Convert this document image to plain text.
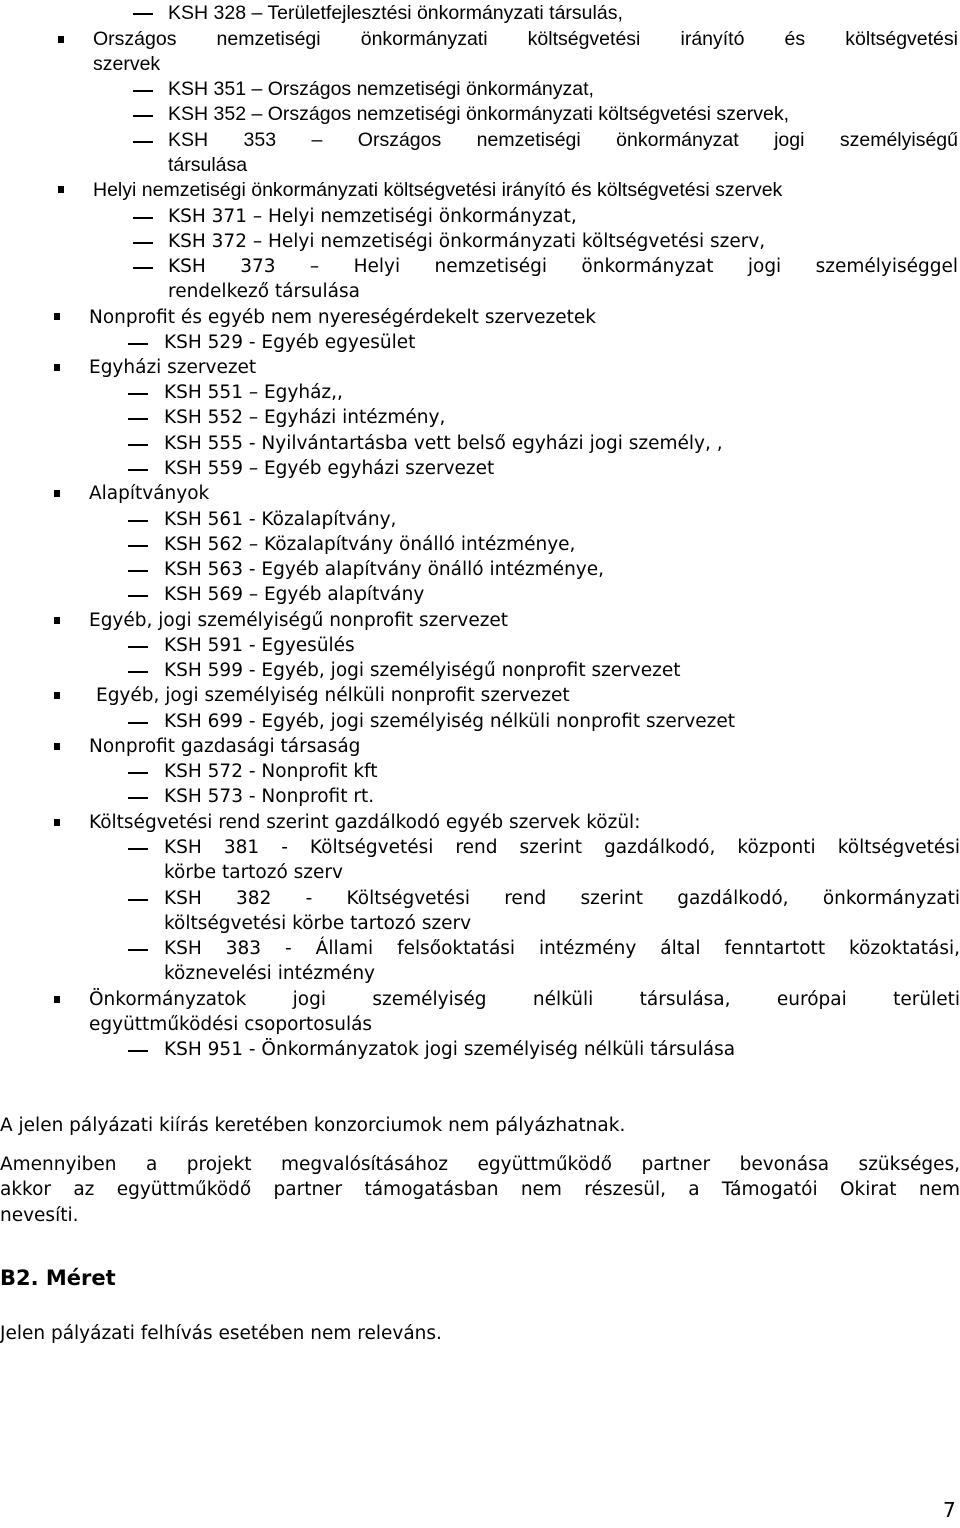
KSH 328 – Területfejlesztési önkormányzati társulás,
Országos nemzetiségi önkormányzati költségvetési irányító és költségvetési
szervek
KSH 351 – Országos nemzetiségi önkormányzat,
KSH 352 – Országos nemzetiségi önkormányzati költségvetési szervek,
KSH 353 – Országos nemzetiségi önkormányzat jogi személyiségű
társulása
Helyi nemzetiségi önkormányzati költségvetési irányító és költségvetési szervek
KSH 371 – Helyi nemzetiségi önkormányzat,
KSH 372 – Helyi nemzetiségi önkormányzati költségvetési szerv,
KSH 373 – Helyi nemzetiségi önkormányzat jogi személyiséggel
rendelkező társulása
Nonprofit és egyéb nem nyereségérdekelt szervezetek
KSH 529 - Egyéb egyesület
Egyházi szervezet
KSH 551 – Egyház,,
KSH 552 – Egyházi intézmény,
KSH 555 - Nyilvántartásba vett belső egyházi jogi személy, ,
KSH 559 – Egyéb egyházi szervezet
Alapítványok
KSH 561 - Közalapítvány,
KSH 562 – Közalapítvány önálló intézménye,
KSH 563 - Egyéb alapítvány önálló intézménye,
KSH 569 – Egyéb alapítvány
Egyéb, jogi személyiségű nonprofit szervezet
KSH 591 - Egyesülés
KSH 599 - Egyéb, jogi személyiségű nonprofit szervezet
Egyéb, jogi személyiség nélküli nonprofit szervezet
KSH 699 - Egyéb, jogi személyiség nélküli nonprofit szervezet
Nonprofit gazdasági társaság
KSH 572 - Nonprofit kft
KSH 573 - Nonprofit rt.
Költségvetési rend szerint gazdálkodó egyéb szervek közül:
KSH 381 - Költségvetési rend szerint gazdálkodó, központi költségvetési
körbe tartozó szerv
KSH 382 - Költségvetési rend szerint gazdálkodó, önkormányzati
költségvetési körbe tartozó szerv
KSH 383 - Állami felsőoktatási intézmény által fenntartott közoktatási,
köznevelési intézmény
Önkormányzatok jogi személyiség nélküli társulása, európai területi
együttműködési csoportosulás
KSH 951 - Önkormányzatok jogi személyiség nélküli társulása
A jelen pályázati kiírás keretében konzorciumok nem pályázhatnak.
Amennyiben a projekt megvalósításához együttműködő partner bevonása szükséges,
akkor az együttműködő partner támogatásban nem részesül, a Támogatói Okirat nem
nevesíti.
B2. Méret
Jelen pályázati felhívás esetében nem releváns.
7
